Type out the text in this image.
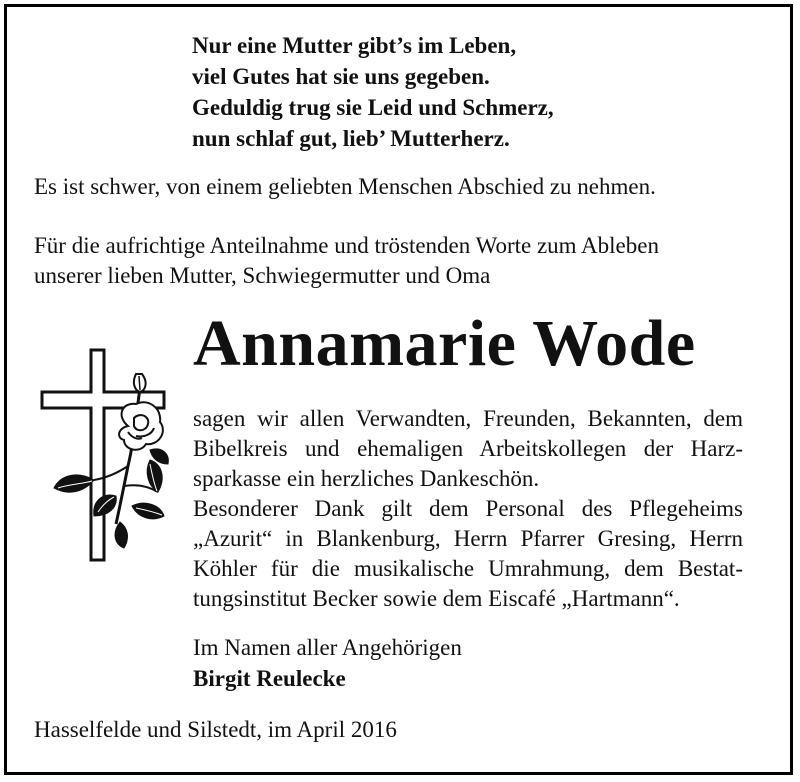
Nur eine Mutter gibt’s im Leben,
viel Gutes hat sie uns gegeben.
Geduldig trug sie Leid und Schmerz,
nun schlaf gut, lieb’ Mutterherz.
Es ist schwer, von einem geliebten Menschen Abschied zu nehmen.
Für die aufrichtige Anteilnahme und tröstenden Worte zum Ableben
unserer lieben Mutter, Schwiegermutter und Oma
Annamarie Wode
sagen wir allen Verwandten, Freunden, Bekannten, dem
Bibelkreis und ehemaligen Arbeitskollegen der Harz-
sparkasse ein herzliches Dankeschön.
Besonderer Dank gilt dem Personal des Pflegeheims
„Azurit“ in Blankenburg, Herrn Pfarrer Gresing, Herrn
Köhler für die musikalische Umrahmung, dem Bestat-
tungsinstitut Becker sowie dem Eiscafé „Hartmann“.
Im Namen aller Angehörigen
Birgit Reulecke
Hasselfelde und Silstedt, im April 2016
